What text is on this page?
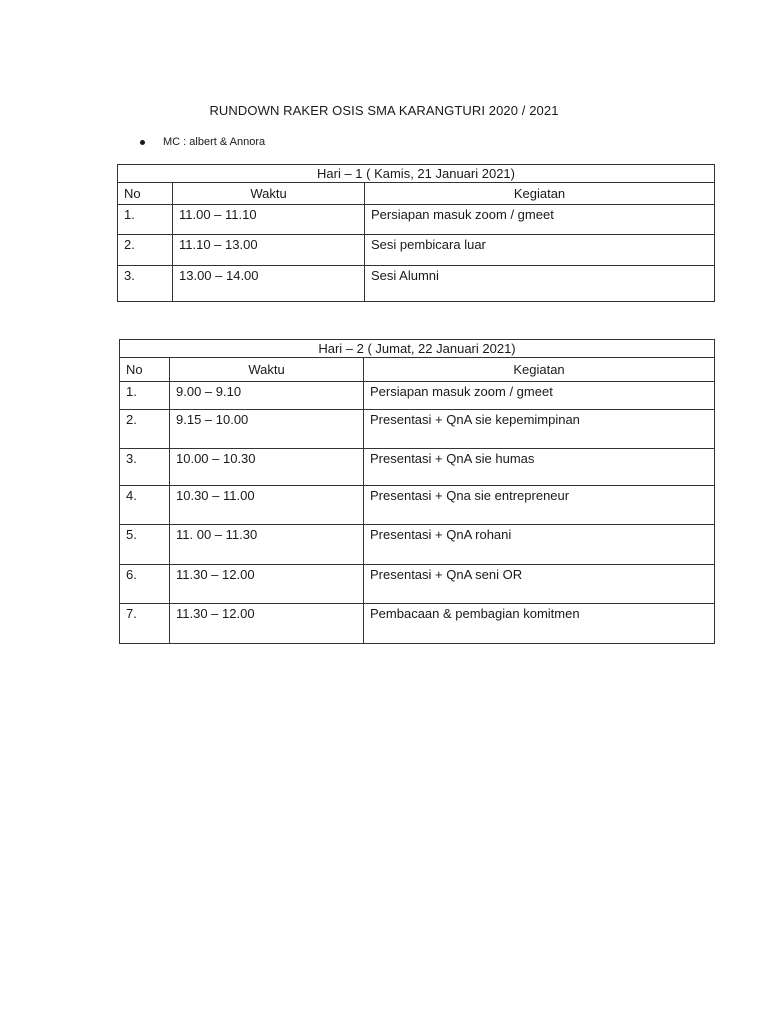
RUNDOWN RAKER OSIS SMA KARANGTURI 2020 / 2021
MC : albert & Annora
Hari – 1 ( Kamis, 21 Januari 2021)		
No	Waktu	Kegiatan
1.	11.00 – 11.10	Persiapan masuk zoom / gmeet
2.	11.10 – 13.00	Sesi pembicara luar
3.	13.00 – 14.00	Sesi Alumni
Hari – 2 ( Jumat, 22 Januari 2021)		
No	Waktu	Kegiatan
1.	9.00 – 9.10	Persiapan masuk zoom / gmeet
2.	9.15 – 10.00	Presentasi + QnA sie kepemimpinan
3.	10.00 – 10.30	Presentasi + QnA sie humas
4.	10.30 – 11.00	Presentasi + Qna sie entrepreneur
5.	11. 00 – 11.30	Presentasi + QnA rohani
6.	11.30 – 12.00	Presentasi + QnA seni OR
7.	11.30 – 12.00	Pembacaan & pembagian komitmen
